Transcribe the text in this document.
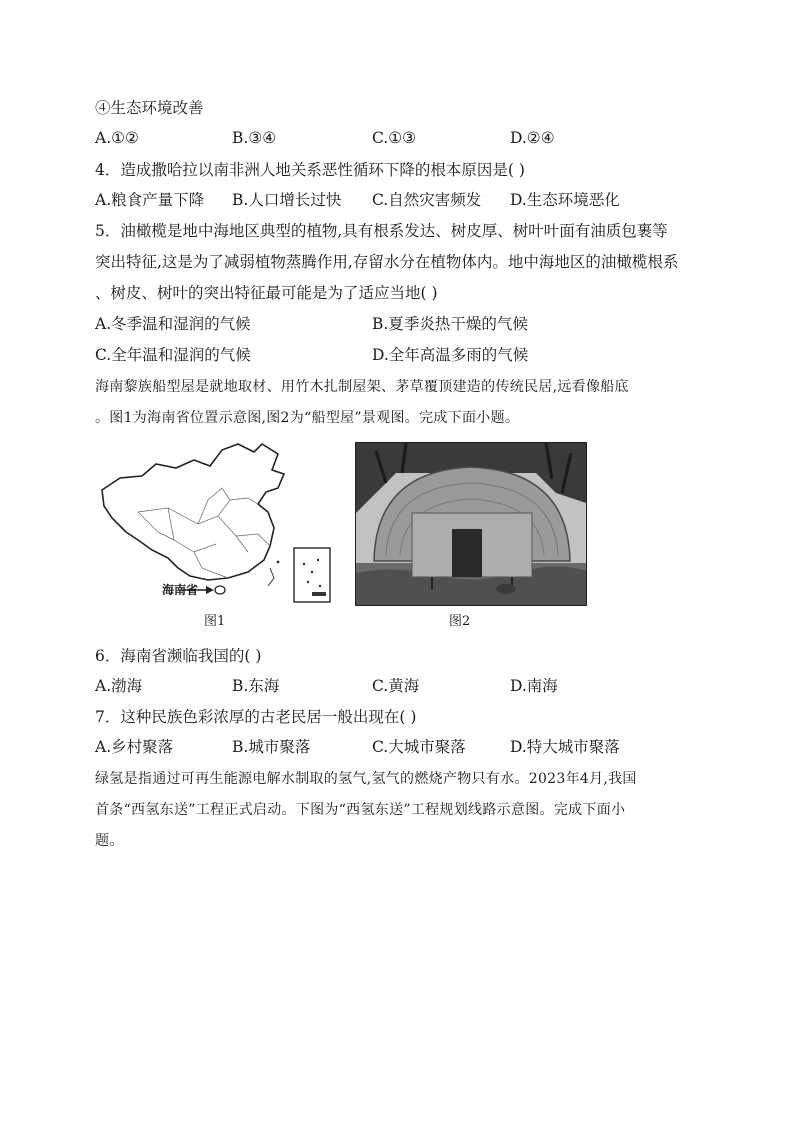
④生态环境改善
A.①②	B.③④	C.①③	D.②④
4．造成撒哈拉以南非洲人地关系恶性循环下降的根本原因是( )
A.粮食产量下降 B.人口增长过快 C.自然灾害频发 D.生态环境恶化
5．油橄榄是地中海地区典型的植物,具有根系发达、树皮厚、树叶叶面有油质包裹等
突出特征,这是为了减弱植物蒸腾作用,存留水分在植物体内。地中海地区的油橄榄根系
、树皮、树叶的突出特征最可能是为了适应当地( )
A.冬季温和湿润的气候	B.夏季炎热干燥的气候
C.全年温和湿润的气候	D.全年高温多雨的气候
海南黎族船型屋是就地取材、用竹木扎制屋架、茅草覆顶建造的传统民居,远看像船底
。图1为海南省位置示意图,图2为“船型屋”景观图。完成下面小题。
海南省
图1	图2
6．海南省濒临我国的( )
A.渤海	B.东海	C.黄海	D.南海
7．这种民族色彩浓厚的古老民居一般出现在( )
A.乡村聚落	B.城市聚落	C.大城市聚落	D.特大城市聚落
绿氢是指通过可再生能源电解水制取的氢气,氢气的燃烧产物只有水。2023年4月,我国
首条“西氢东送”工程正式启动。下图为“西氢东送”工程规划线路示意图。完成下面小
题。
